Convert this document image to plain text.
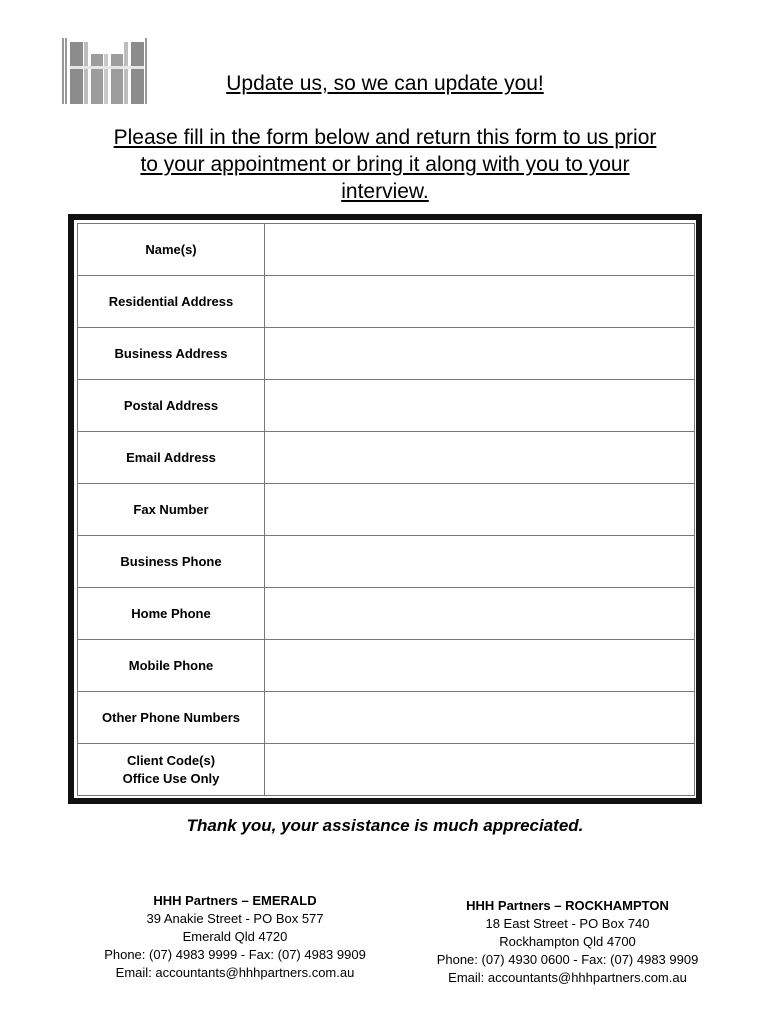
Update us, so we can update you!
Please fill in the form below and return this form to us prior to your appointment or bring it along with you to your interview.
Name(s)	
Residential Address	
Business Address	
Postal Address	
Email Address	
Fax Number	
Business Phone	
Home Phone	
Mobile Phone	
Other Phone Numbers	

Client Code(s)
Office Use Only	

Thank you, your assistance is much appreciated.
HHH Partners – EMERALD
39 Anakie Street - PO Box 577
Emerald Qld 4720
Phone: (07) 4983 9999 - Fax: (07) 4983 9909
Email: accountants@hhhpartners.com.au
HHH Partners – ROCKHAMPTON
18 East Street - PO Box 740
Rockhampton Qld 4700
Phone: (07) 4930 0600 - Fax: (07) 4983 9909
Email: accountants@hhhpartners.com.au
